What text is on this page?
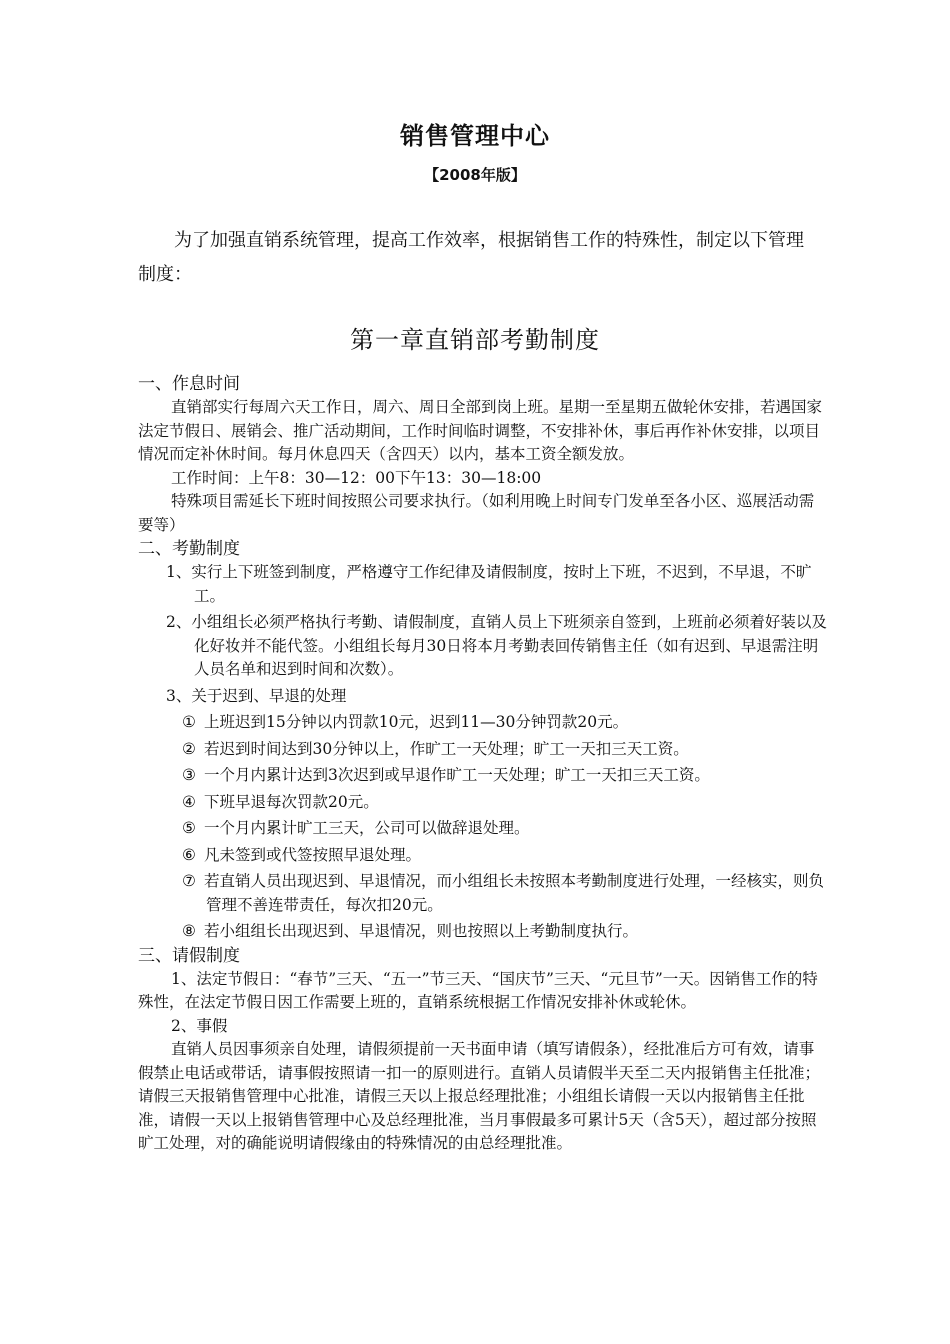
销售管理中心
【2008年版】

为了加强直销系统管理，提高工作效率，根据销售工作的特殊性，制定以下管理制度：

第一章直销部考勤制度

一、作息时间

直销部实行每周六天工作日，周六、周日全部到岗上班。星期一至星期五做轮休安排，若遇国家法定节假日、展销会、推广活动期间，工作时间临时调整，不安排补休，事后再作补休安排，以项目情况而定补休时间。每月休息四天（含四天）以内，基本工资全额发放。

工作时间：上午8：30—12：00下午13：30—18:00

特殊项目需延长下班时间按照公司要求执行。（如利用晚上时间专门发单至各小区、巡展活动需要等）

二、考勤制度

1、实行上下班签到制度，严格遵守工作纪律及请假制度，按时上下班，不迟到，不早退，不旷工。

2、小组组长必须严格执行考勤、请假制度，直销人员上下班须亲自签到，上班前必须着好装以及化好妆并不能代签。小组组长每月30日将本月考勤表回传销售主任（如有迟到、早退需注明人员名单和迟到时间和次数）。

3、关于迟到、早退的处理

① 上班迟到15分钟以内罚款10元，迟到11—30分钟罚款20元。

② 若迟到时间达到30分钟以上，作旷工一天处理；旷工一天扣三天工资。

③ 一个月内累计达到3次迟到或早退作旷工一天处理；旷工一天扣三天工资。

④ 下班早退每次罚款20元。

⑤ 一个月内累计旷工三天，公司可以做辞退处理。

⑥ 凡未签到或代签按照早退处理。

⑦ 若直销人员出现迟到、早退情况，而小组组长未按照本考勤制度进行处理，一经核实，则负管理不善连带责任，每次扣20元。

⑧ 若小组组长出现迟到、早退情况，则也按照以上考勤制度执行。

三、请假制度

1、法定节假日：“春节”三天、“五一”节三天、“国庆节”三天、“元旦节”一天。因销售工作的特殊性，在法定节假日因工作需要上班的，直销系统根据工作情况安排补休或轮休。

2、事假

直销人员因事须亲自处理，请假须提前一天书面申请（填写请假条），经批准后方可有效，请事假禁止电话或带话，请事假按照请一扣一的原则进行。直销人员请假半天至二天内报销售主任批准；请假三天报销售管理中心批准，请假三天以上报总经理批准；小组组长请假一天以内报销售主任批准，请假一天以上报销售管理中心及总经理批准，当月事假最多可累计5天（含5天），超过部分按照旷工处理，对的确能说明请假缘由的特殊情况的由总经理批准。
